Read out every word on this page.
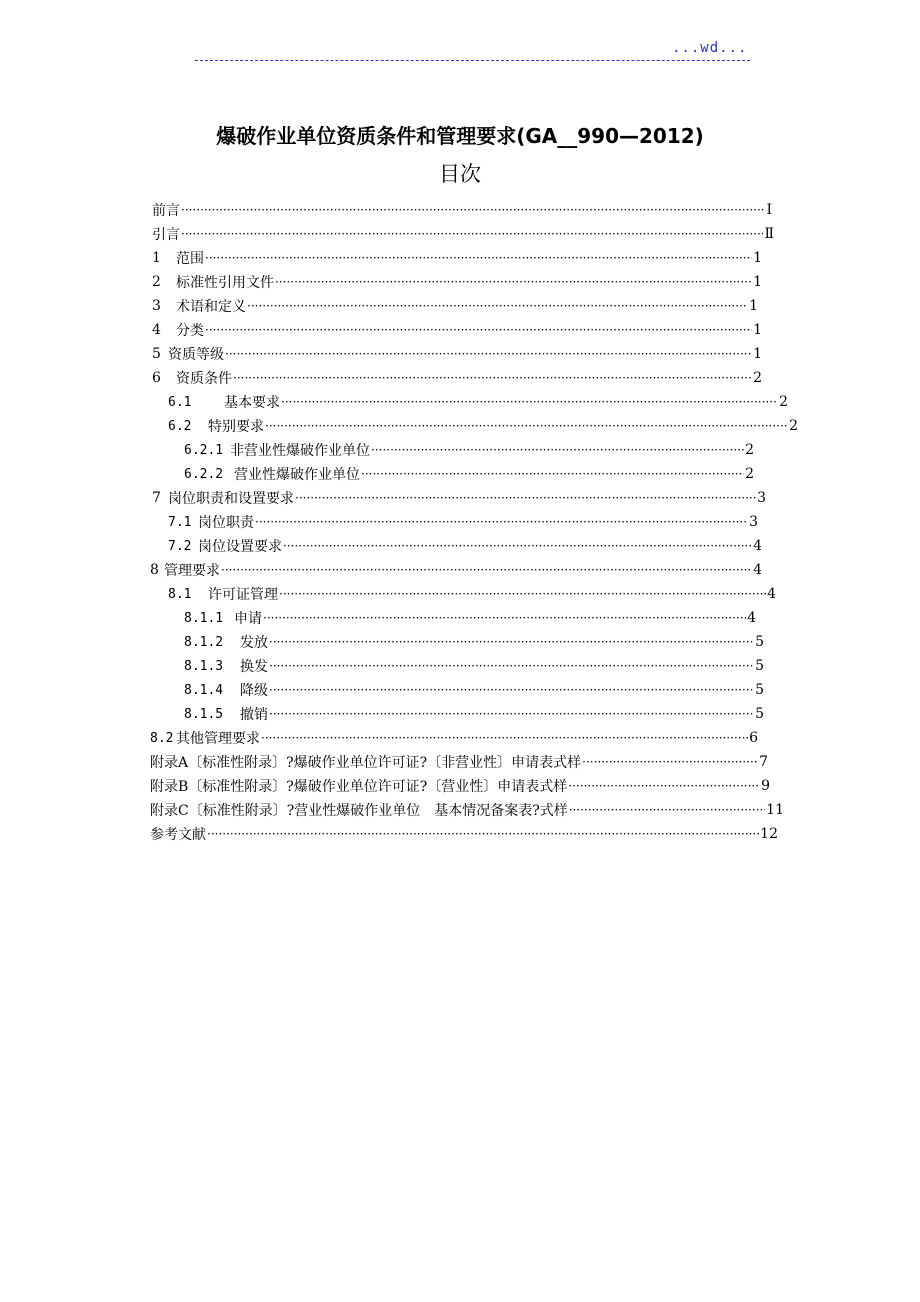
...wd...
爆破作业单位资质条件和管理要求(GA__990—2012)
目次
前言 ·····	Ⅰ
引言 ·····	Ⅱ
1	范围 ·····	1
2	标准性引用文件 ·····	1
3	术语和定义 ·····	1
4	分类 ·····	1
5 资质等级 ·····	1
6	资质条件 ·····	2
6.1	基本要求 ·····	2
6.2	特别要求 ·····	2
6.2.1 非营业性爆破作业单位 ·····	2
6.2.2 营业性爆破作业单位 ·····	2
7 岗位职责和设置要求 ·····	3
7.1 岗位职责 ·····	3
7.2 岗位设置要求 ·····	4
8 管理要求 ·····	4
8.1	许可证管理 ·····	4
8.1.1 申请 ·····	4
8.1.2	发放 ·····	5
8.1.3	换发 ·····	5
8.1.4	降级 ·····	5
8.1.5	撤销 ·····	5
8.2 其他管理要求 ·····	6
附录A〔标准性附录〕?爆破作业单位许可证?〔非营业性〕申请表式样 ·····	7
附录B〔标准性附录〕?爆破作业单位许可证?〔营业性〕申请表式样 ·····	9
附录C〔标准性附录〕?营业性爆破作业单位　基本情况备案表?式样 ·····	11
参考文献 ·····	12
